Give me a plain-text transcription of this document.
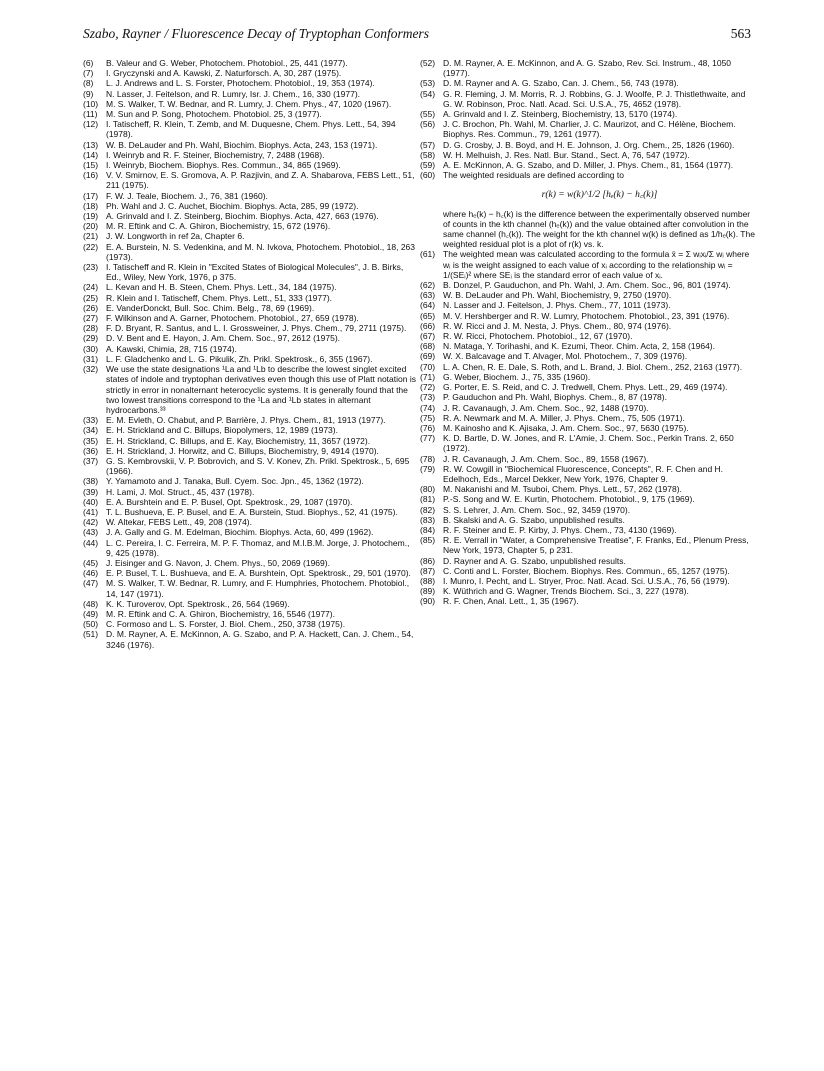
Szabo, Rayner / Fluorescence Decay of Tryptophan Conformers	563
(6) B. Valeur and G. Weber, Photochem. Photobiol., 25, 441 (1977).
(7) I. Gryczynski and A. Kawski, Z. Naturforsch. A, 30, 287 (1975).
(8) L. J. Andrews and L. S. Forster, Photochem. Photobiol., 19, 353 (1974).
(9) N. Lasser, J. Feitelson, and R. Lumry, Isr. J. Chem., 16, 330 (1977).
(10) M. S. Walker, T. W. Bednar, and R. Lumry, J. Chem. Phys., 47, 1020 (1967).
(11) M. Sun and P. Song, Photochem. Photobiol. 25, 3 (1977).
(12) I. Tatischeff, R. Klein, T. Zemb, and M. Duquesne, Chem. Phys. Lett., 54, 394 (1978).
(13) W. B. DeLauder and Ph. Wahl, Biochim. Biophys. Acta, 243, 153 (1971).
(14) I. Weinryb and R. F. Steiner, Biochemistry, 7, 2488 (1968).
(15) I. Weinryb, Biochem. Biophys. Res. Commun., 34, 865 (1969).
(16) V. V. Smirnov, E. S. Gromova, A. P. Razjivin, and Z. A. Shabarova, FEBS Lett., 51, 211 (1975).
(17) F. W. J. Teale, Biochem. J., 76, 381 (1960).
(18) Ph. Wahl and J. C. Auchet, Biochim. Biophys. Acta, 285, 99 (1972).
(19) A. Grinvald and I. Z. Steinberg, Biochim. Biophys. Acta, 427, 663 (1976).
(20) M. R. Eftink and C. A. Ghiron, Biochemistry, 15, 672 (1976).
(21) J. W. Longworth in ref 2a, Chapter 6.
(22) E. A. Burstein, N. S. Vedenkina, and M. N. Ivkova, Photochem. Photobiol., 18, 263 (1973).
(23) I. Tatischeff and R. Klein in "Excited States of Biological Molecules", J. B. Birks, Ed., Wiley, New York, 1976, p 375.
(24) L. Kevan and H. B. Steen, Chem. Phys. Lett., 34, 184 (1975).
(25) R. Klein and I. Tatischeff, Chem. Phys. Lett., 51, 333 (1977).
(26) E. VanderDonckt, Bull. Soc. Chim. Belg., 78, 69 (1969).
(27) F. Wilkinson and A. Garner, Photochem. Photobiol., 27, 659 (1978).
(28) F. D. Bryant, R. Santus, and L. I. Grossweiner, J. Phys. Chem., 79, 2711 (1975).
(29) D. V. Bent and E. Hayon, J. Am. Chem. Soc., 97, 2612 (1975).
(30) A. Kawski, Chimia, 28, 715 (1974).
(31) L. F. Gladchenko and L. G. Pikulik, Zh. Prikl. Spektrosk., 6, 355 (1967).
(32) We use the state designations ¹La and ¹Lb to describe the lowest singlet excited states of indole and tryptophan derivatives even though this use of Platt notation is strictly in error in nonalternant heterocyclic systems. It is generally found that the two lowest transitions correspond to the ¹La and ¹Lb states in alternant hydrocarbons.³³
(33) E. M. Evleth, O. Chabut, and P. Barrière, J. Phys. Chem., 81, 1913 (1977).
(34) E. H. Strickland and C. Billups, Biopolymers, 12, 1989 (1973).
(35) E. H. Strickland, C. Billups, and E. Kay, Biochemistry, 11, 3657 (1972).
(36) E. H. Strickland, J. Horwitz, and C. Billups, Biochemistry, 9, 4914 (1970).
(37) G. S. Kembrovskii, V. P. Bobrovich, and S. V. Konev, Zh. Prikl. Spektrosk., 5, 695 (1966).
(38) Y. Yamamoto and J. Tanaka, Bull. Cyem. Soc. Jpn., 45, 1362 (1972).
(39) H. Lami, J. Mol. Struct., 45, 437 (1978).
(40) E. A. Burshtein and E. P. Busel, Opt. Spektrosk., 29, 1087 (1970).
(41) T. L. Bushueva, E. P. Busel, and E. A. Burstein, Stud. Biophys., 52, 41 (1975).
(42) W. Altekar, FEBS Lett., 49, 208 (1974).
(43) J. A. Gally and G. M. Edelman, Biochim. Biophys. Acta, 60, 499 (1962).
(44) L. C. Pereira, I. C. Ferreira, M. P. F. Thomaz, and M.I.B.M. Jorge, J. Photochem., 9, 425 (1978).
(45) J. Eisinger and G. Navon, J. Chem. Phys., 50, 2069 (1969).
(46) E. P. Busel, T. L. Bushueva, and E. A. Burshtein, Opt. Spektrosk., 29, 501 (1970).
(47) M. S. Walker, T. W. Bednar, R. Lumry, and F. Humphries, Photochem. Photobiol., 14, 147 (1971).
(48) K. K. Turoverov, Opt. Spektrosk., 26, 564 (1969).
(49) M. R. Eftink and C. A. Ghiron, Biochemistry, 16, 5546 (1977).
(50) C. Formoso and L. S. Forster, J. Biol. Chem., 250, 3738 (1975).
(51) D. M. Rayner, A. E. McKinnon, A. G. Szabo, and P. A. Hackett, Can. J. Chem., 54, 3246 (1976).
(52) D. M. Rayner, A. E. McKinnon, and A. G. Szabo, Rev. Sci. Instrum., 48, 1050 (1977).
(53) D. M. Rayner and A. G. Szabo, Can. J. Chem., 56, 743 (1978).
(54) G. R. Fleming, J. M. Morris, R. J. Robbins, G. J. Woolfe, P. J. Thistlethwaite, and G. W. Robinson, Proc. Natl. Acad. Sci. U.S.A., 75, 4652 (1978).
(55) A. Grinvald and I. Z. Steinberg, Biochemistry, 13, 5170 (1974).
(56) J. C. Brochon, Ph. Wahl, M. Charlier, J. C. Maurizot, and C. Hélène, Biochem. Biophys. Res. Commun., 79, 1261 (1977).
(57) D. G. Crosby, J. B. Boyd, and H. E. Johnson, J. Org. Chem., 25, 1826 (1960).
(58) W. H. Melhuish, J. Res. Natl. Bur. Stand., Sect. A, 76, 547 (1972).
(59) A. E. McKinnon, A. G. Szabo, and D. Miller, J. Phys. Chem., 81, 1564 (1977).
(60) The weighted residuals are defined according to
r(k) = w(k)^1/2 [hₑ(k) − h꜀(k)]
where hₑ(k) − h꜀(k) is the difference between the experimentally observed number of counts in the kth channel (hₑ(k)) and the value obtained after convolution in the same channel (h꜀(k)). The weight for the kth channel w(k) is defined as 1/hₑ(k). The weighted residual plot is a plot of r(k) vs. k.
(61) The weighted mean was calculated according to the formula x̄ = Σ wᵢxᵢ/Σ wᵢ where wᵢ is the weight assigned to each value of xᵢ according to the relationship wᵢ = 1/(SEᵢ)² where SEᵢ is the standard error of each value of xᵢ.
(62) B. Donzel, P. Gauduchon, and Ph. Wahl, J. Am. Chem. Soc., 96, 801 (1974).
(63) W. B. DeLauder and Ph. Wahl, Biochemistry, 9, 2750 (1970).
(64) N. Lasser and J. Feitelson, J. Phys. Chem., 77, 1011 (1973).
(65) M. V. Hershberger and R. W. Lumry, Photochem. Photobiol., 23, 391 (1976).
(66) R. W. Ricci and J. M. Nesta, J. Phys. Chem., 80, 974 (1976).
(67) R. W. Ricci, Photochem. Photobiol., 12, 67 (1970).
(68) N. Mataga, Y. Torihashi, and K. Ezumi, Theor. Chim. Acta, 2, 158 (1964).
(69) W. X. Balcavage and T. Alvager, Mol. Photochem., 7, 309 (1976).
(70) L. A. Chen, R. E. Dale, S. Roth, and L. Brand, J. Biol. Chem., 252, 2163 (1977).
(71) G. Weber, Biochem. J., 75, 335 (1960).
(72) G. Porter, E. S. Reid, and C. J. Tredwell, Chem. Phys. Lett., 29, 469 (1974).
(73) P. Gauduchon and Ph. Wahl, Biophys. Chem., 8, 87 (1978).
(74) J. R. Cavanaugh, J. Am. Chem. Soc., 92, 1488 (1970).
(75) R. A. Newmark and M. A. Miller, J. Phys. Chem., 75, 505 (1971).
(76) M. Kainosho and K. Ajisaka, J. Am. Chem. Soc., 97, 5630 (1975).
(77) K. D. Bartle, D. W. Jones, and R. L'Amie, J. Chem. Soc., Perkin Trans. 2, 650 (1972).
(78) J. R. Cavanaugh, J. Am. Chem. Soc., 89, 1558 (1967).
(79) R. W. Cowgill in "Biochemical Fluorescence, Concepts", R. F. Chen and H. Edelhoch, Eds., Marcel Dekker, New York, 1976, Chapter 9.
(80) M. Nakanishi and M. Tsuboi, Chem. Phys. Lett., 57, 262 (1978).
(81) P.-S. Song and W. E. Kurtin, Photochem. Photobiol., 9, 175 (1969).
(82) S. S. Lehrer, J. Am. Chem. Soc., 92, 3459 (1970).
(83) B. Skalski and A. G. Szabo, unpublished results.
(84) R. F. Steiner and E. P. Kirby, J. Phys. Chem., 73, 4130 (1969).
(85) R. E. Verrall in "Water, a Comprehensive Treatise", F. Franks, Ed., Plenum Press, New York, 1973, Chapter 5, p 231.
(86) D. Rayner and A. G. Szabo, unpublished results.
(87) C. Conti and L. Forster, Biochem. Biophys. Res. Commun., 65, 1257 (1975).
(88) I. Munro, I. Pecht, and L. Stryer, Proc. Natl. Acad. Sci. U.S.A., 76, 56 (1979).
(89) K. Wüthrich and G. Wagner, Trends Biochem. Sci., 3, 227 (1978).
(90) R. F. Chen, Anal. Lett., 1, 35 (1967).
